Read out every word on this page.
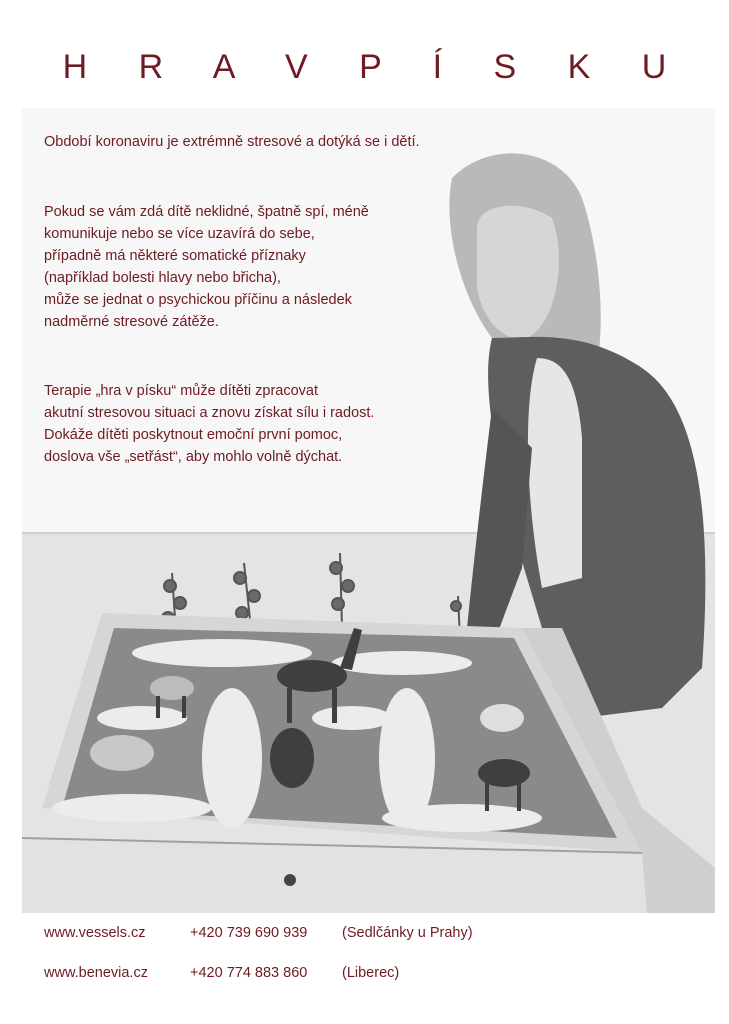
H R A V P Í S K U
Období koronaviru je extrémně stresové a dotýká se i dětí.
Pokud se vám zdá dítě neklidné, špatně spí, méně
komunikuje nebo se více uzavírá do sebe,
případně má některé somatické příznaky
(například bolesti hlavy nebo břicha),
může se jednat o psychickou příčinu a následek
nadměrné stresové zátěže.
Terapie „hra v písku“ může dítěti zpracovat
akutní stresovou situaci a znovu získat sílu i radost.
Dokáže dítěti poskytnout emoční první pomoc,
doslova vše „setřást“, aby mohlo volně dýchat.
www.vessels.cz	+420 739 690 939 (Sedlčánky u Prahy)
www.benevia.cz	+420 774 883 860 (Liberec)
